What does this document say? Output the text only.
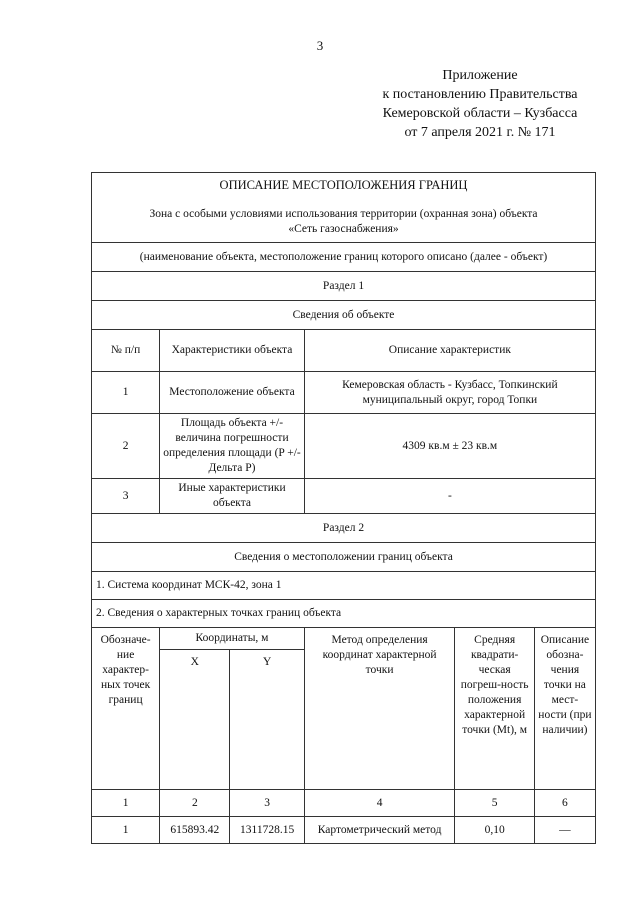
3
Приложение
к постановлению Правительства
Кемеровской области – Кузбасса
от 7 апреля 2021 г. № 171
ОПИСАНИЕ МЕСТОПОЛОЖЕНИЯ ГРАНИЦ
Зона с особыми условиями использования территории (охранная зона) объекта
«Сеть газоснабжения»					

(наименование объекта, местоположение границ которого описано (далее - объект)					
Раздел 1					
Сведения об объекте					
№ п/п	Характеристики объекта		Описание характеристик		
1	Местоположение объекта		Кемеровская область - Кузбасс, Топкинский муниципальный округ, город Топки		
2	Площадь объекта +/- величина погрешности определения площади (P +/- Дельта P)		4309 кв.м ± 23 кв.м		
3	Иные характеристики объекта		-		
Раздел 2					
Сведения о местоположении границ объекта					
1. Система координат МСК-42, зона 1					
2. Сведения о характерных точках границ объекта					
Обозначе-ние характер-ных точек границ	Координаты, м		Метод определения координат характерной точки	Средняя квадрати-ческая погреш-ность положения характерной точки (Mt), м	Описание обозна-чения точки на мест-ности (при наличии)
	X	Y			
1	2	3	4	5	6
1	615893.42	1311728.15	Картометрический метод	0,10	—
